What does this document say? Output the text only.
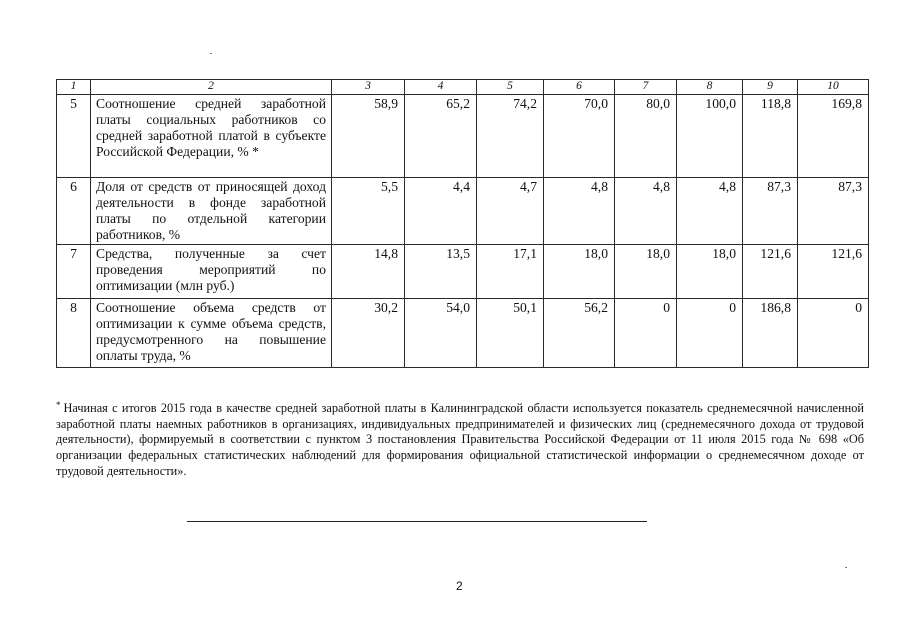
1	2	3	4	5	6	7	8	9	10
5	Соотношение средней заработной платы социальных работников со средней заработной платой в субъекте Российской Федерации, % *	58,9	65,2	74,2	70,0	80,0	100,0	118,8	169,8
6	Доля от средств от приносящей доход деятельности в фонде заработной платы по отдельной категории работников, %	5,5	4,4	4,7	4,8	4,8	4,8	87,3	87,3
7	Средства, полученные за счет проведения мероприятий по оптимизации (млн руб.)	14,8	13,5	17,1	18,0	18,0	18,0	121,6	121,6
8	Соотношение объема средств от оптимизации к сумме объема средств, предусмотренного на повышение оплаты труда, %	30,2	54,0	50,1	56,2	0	0	186,8	0

* Начиная с итогов 2015 года в качестве средней заработной платы в Калининградской области используется показатель среднемесячной начисленной заработной платы наемных работников в организациях, индивидуальных предпринимателей и физических лиц (среднемесячного дохода от трудовой деятельности), формируемый в соответствии с пунктом 3 постановления Правительства Российской Федерации от 11 июля 2015 года № 698 «Об организации федеральных статистических наблюдений для формирования официальной статистической информации о среднемесячном доходе от трудовой деятельности».

2
